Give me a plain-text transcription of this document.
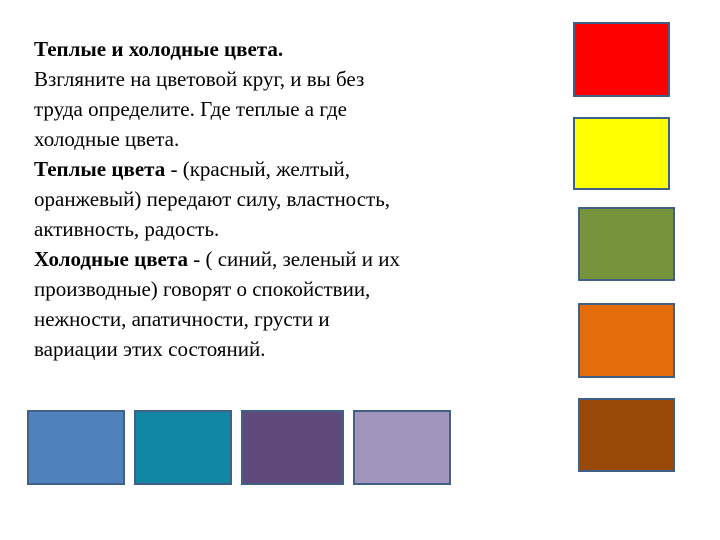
Теплые и холодные цвета.

Взгляните на цветовой круг, и вы без

труда определите. Где теплые а где

холодные цвета.

Теплые цвета - (красный, желтый,

оранжевый) передают силу, властность,

активность, радость.

Холодные цвета - ( синий, зеленый и их

производные) говорят о спокойствии,

нежности, апатичности, грусти и

вариации этих состояний.
